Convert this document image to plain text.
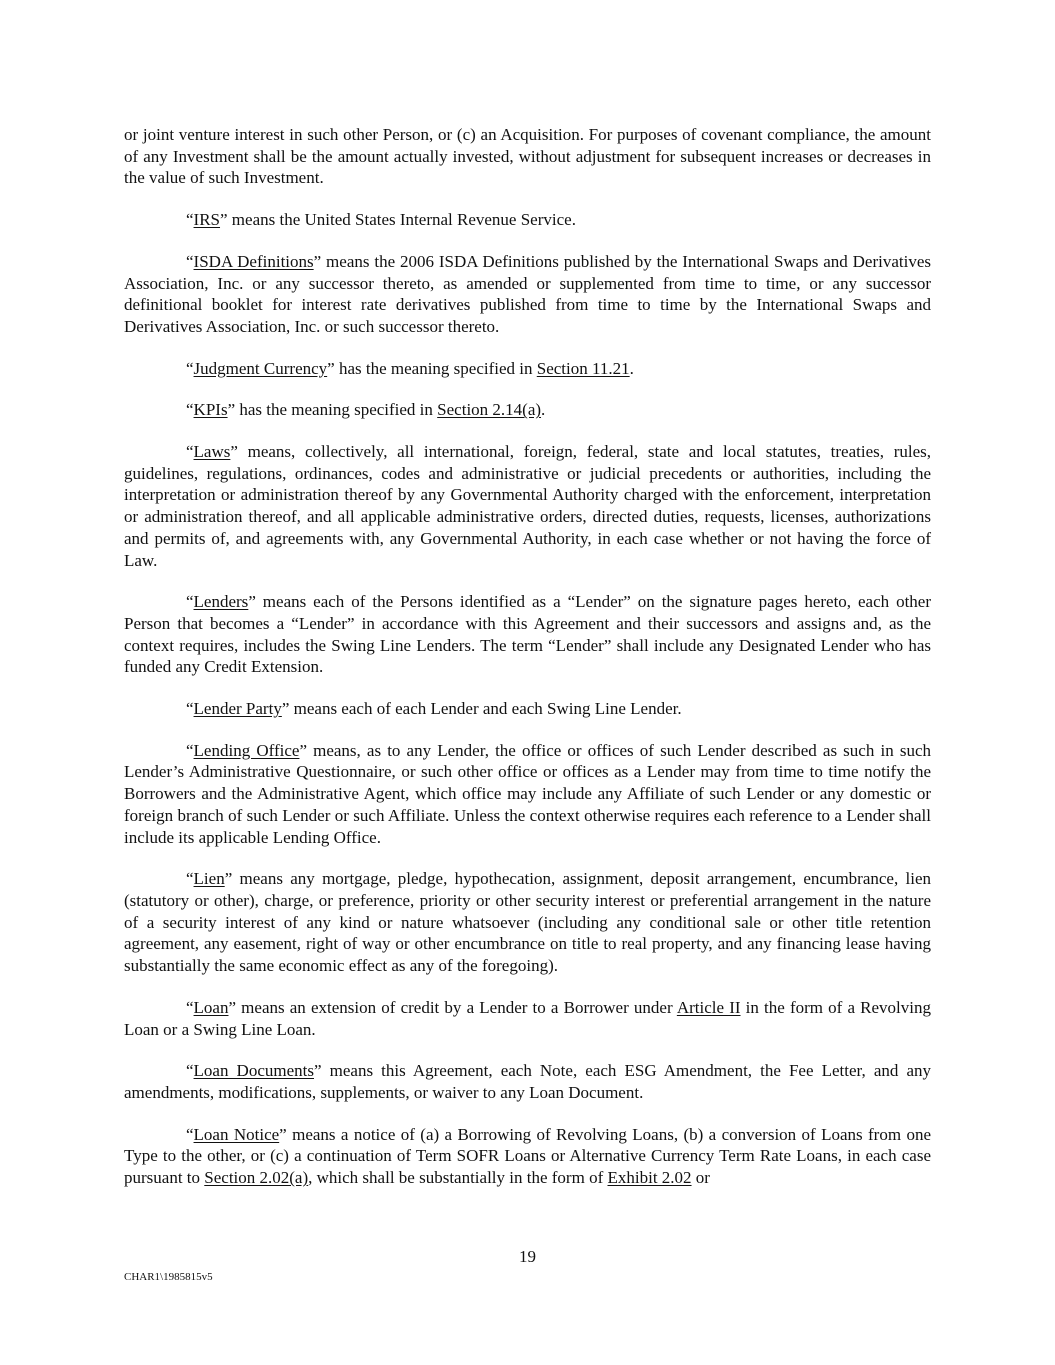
or joint venture interest in such other Person, or (c) an Acquisition. For purposes of covenant compliance, the amount of any Investment shall be the amount actually invested, without adjustment for subsequent increases or decreases in the value of such Investment.

“IRS” means the United States Internal Revenue Service.

“ISDA Definitions” means the 2006 ISDA Definitions published by the International Swaps and Derivatives Association, Inc. or any successor thereto, as amended or supplemented from time to time, or any successor definitional booklet for interest rate derivatives published from time to time by the International Swaps and Derivatives Association, Inc. or such successor thereto.

“Judgment Currency” has the meaning specified in Section 11.21.

“KPIs” has the meaning specified in Section 2.14(a).

“Laws” means, collectively, all international, foreign, federal, state and local statutes, treaties, rules, guidelines, regulations, ordinances, codes and administrative or judicial precedents or authorities, including the interpretation or administration thereof by any Governmental Authority charged with the enforcement, interpretation or administration thereof, and all applicable administrative orders, directed duties, requests, licenses, authorizations and permits of, and agreements with, any Governmental Authority, in each case whether or not having the force of Law.

“Lenders” means each of the Persons identified as a “Lender” on the signature pages hereto, each other Person that becomes a “Lender” in accordance with this Agreement and their successors and assigns and, as the context requires, includes the Swing Line Lenders. The term “Lender” shall include any Designated Lender who has funded any Credit Extension.

“Lender Party” means each of each Lender and each Swing Line Lender.

“Lending Office” means, as to any Lender, the office or offices of such Lender described as such in such Lender’s Administrative Questionnaire, or such other office or offices as a Lender may from time to time notify the Borrowers and the Administrative Agent, which office may include any Affiliate of such Lender or any domestic or foreign branch of such Lender or such Affiliate. Unless the context otherwise requires each reference to a Lender shall include its applicable Lending Office.

“Lien” means any mortgage, pledge, hypothecation, assignment, deposit arrangement, encumbrance, lien (statutory or other), charge, or preference, priority or other security interest or preferential arrangement in the nature of a security interest of any kind or nature whatsoever (including any conditional sale or other title retention agreement, any easement, right of way or other encumbrance on title to real property, and any financing lease having substantially the same economic effect as any of the foregoing).

“Loan” means an extension of credit by a Lender to a Borrower under Article II in the form of a Revolving Loan or a Swing Line Loan.

“Loan Documents” means this Agreement, each Note, each ESG Amendment, the Fee Letter, and any amendments, modifications, supplements, or waiver to any Loan Document.

“Loan Notice” means a notice of (a) a Borrowing of Revolving Loans, (b) a conversion of Loans from one Type to the other, or (c) a continuation of Term SOFR Loans or Alternative Currency Term Rate Loans, in each case pursuant to Section 2.02(a), which shall be substantially in the form of Exhibit 2.02 or

19
CHAR1\1985815v5
